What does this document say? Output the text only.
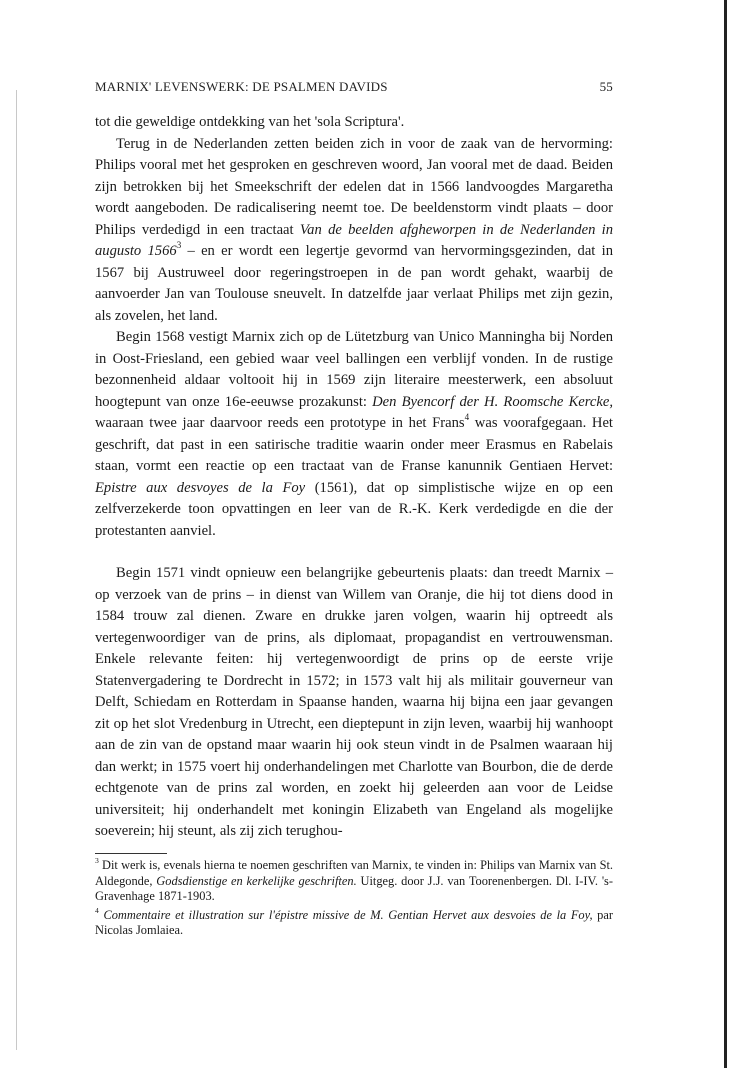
MARNIX' LEVENSWERK: DE PSALMEN DAVIDS	55

tot die geweldige ontdekking van het 'sola Scriptura'.

Terug in de Nederlanden zetten beiden zich in voor de zaak van de hervorming: Philips vooral met het gesproken en geschreven woord, Jan vooral met de daad. Beiden zijn betrokken bij het Smeekschrift der edelen dat in 1566 landvoogdes Margaretha wordt aangeboden. De radicalisering neemt toe. De beeldenstorm vindt plaats – door Philips verdedigd in een tractaat Van de beelden afgheworpen in de Nederlanden in augusto 1566$^3$ – en er wordt een legertje gevormd van hervormingsgezinden, dat in 1567 bij Austruweel door regeringstroepen in de pan wordt gehakt, waarbij de aanvoerder Jan van Toulouse sneuvelt. In datzelfde jaar verlaat Philips met zijn gezin, als zovelen, het land.

Begin 1568 vestigt Marnix zich op de Lütetzburg van Unico Manningha bij Norden in Oost-Friesland, een gebied waar veel ballingen een verblijf vonden. In de rustige bezonnenheid aldaar voltooit hij in 1569 zijn literaire meesterwerk, een absoluut hoogtepunt van onze 16e-eeuwse prozakunst: Den Byencorf der H. Roomsche Kercke, waaraan twee jaar daarvoor reeds een prototype in het Frans$^4$ was voorafgegaan. Het geschrift, dat past in een satirische traditie waarin onder meer Erasmus en Rabelais staan, vormt een reactie op een tractaat van de Franse kanunnik Gentiaen Hervet: Epistre aux desvoyes de la Foy (1561), dat op simplistische wijze en op een zelfverzekerde toon opvattingen en leer van de R.-K. Kerk verdedigde en die der protestanten aanviel.

Begin 1571 vindt opnieuw een belangrijke gebeurtenis plaats: dan treedt Marnix – op verzoek van de prins – in dienst van Willem van Oranje, die hij tot diens dood in 1584 trouw zal dienen. Zware en drukke jaren volgen, waarin hij optreedt als vertegenwoordiger van de prins, als diplomaat, propagandist en vertrouwensman. Enkele relevante feiten: hij vertegenwoordigt de prins op de eerste vrije Statenvergadering te Dordrecht in 1572; in 1573 valt hij als militair gouverneur van Delft, Schiedam en Rotterdam in Spaanse handen, waarna hij bijna een jaar gevangen zit op het slot Vredenburg in Utrecht, een dieptepunt in zijn leven, waarbij hij wanhoopt aan de zin van de opstand maar waarin hij ook steun vindt in de Psalmen waaraan hij dan werkt; in 1575 voert hij onderhandelingen met Charlotte van Bourbon, die de derde echtgenote van de prins zal worden, en zoekt hij geleerden aan voor de Leidse universiteit; hij onderhandelt met koningin Elizabeth van Engeland als mogelijke soeverein; hij steunt, als zij zich terughou-

$^3$ Dit werk is, evenals hierna te noemen geschriften van Marnix, te vinden in: Philips van Marnix van St. Aldegonde, Godsdienstige en kerkelijke geschriften. Uitgeg. door J.J. van Toorenenbergen. Dl. I-IV. 's-Gravenhage 1871-1903.

$^4$ Commentaire et illustration sur l'épistre missive de M. Gentian Hervet aux desvoies de la Foy, par Nicolas Jomlaiea.
